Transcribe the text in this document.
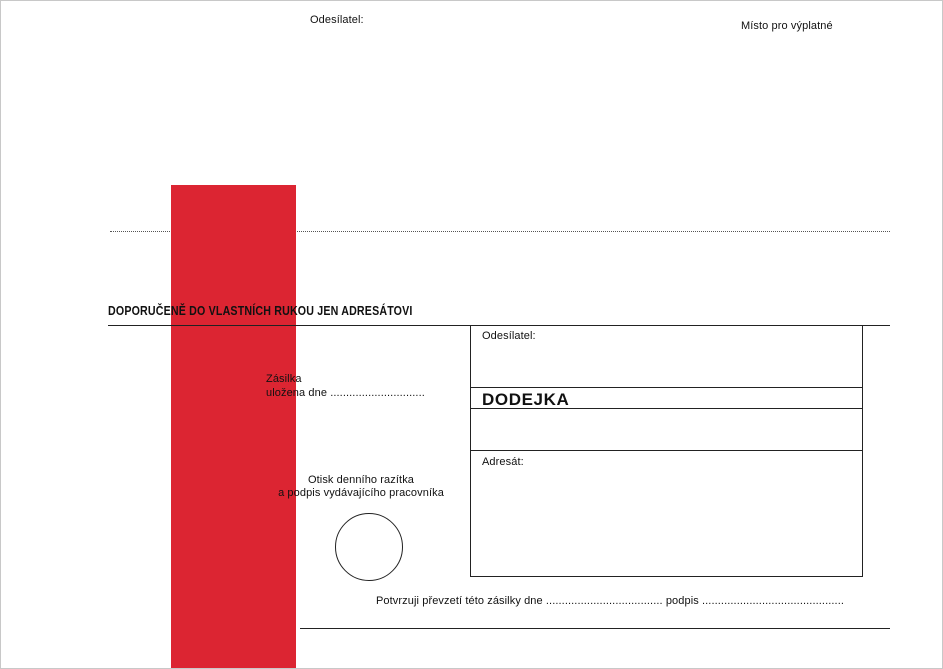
Odesílatel:	Místo pro výplatné
DOPORUČENĚ DO VLASTNÍCH RUKOU JEN ADRESÁTOVI
Zásilka
uložena dne ..............................
Otisk denního razítka
a podpis vydávajícího pracovníka
Odesílatel:
DODEJKA
Adresát:
Potvrzuji převzetí této zásilky dne ..................................... podpis .............................................
